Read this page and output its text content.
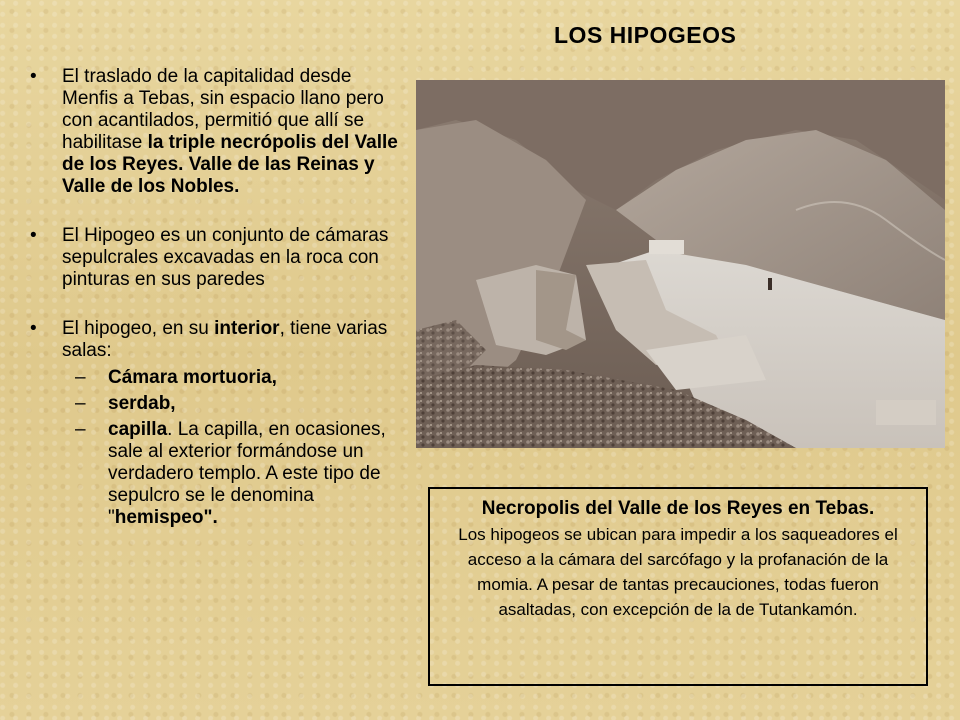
LOS HIPOGEOS
• El traslado de la capitalidad desde Menfis a Tebas, sin espacio llano pero con acantilados, permitió que allí se habilitase la triple necrópolis del Valle de los Reyes. Valle de las Reinas y Valle de los Nobles.
• El Hipogeo es un conjunto de cámaras sepulcrales excavadas en la roca con pinturas en sus paredes
• El hipogeo, en su interior, tiene varias salas:
– Cámara mortuoria,
– serdab,
– capilla. La capilla, en ocasiones, sale al exterior formándose un verdadero templo. A este tipo de sepulcro se le denomina "hemispeo".	Necropolis del Valle de los Reyes en Tebas.
Los hipogeos se ubican para impedir a los saqueadores el acceso a la cámara del sarcófago y la profanación de la momia. A pesar de tantas precauciones, todas fueron asaltadas, con excepción de la de Tutankamón.
